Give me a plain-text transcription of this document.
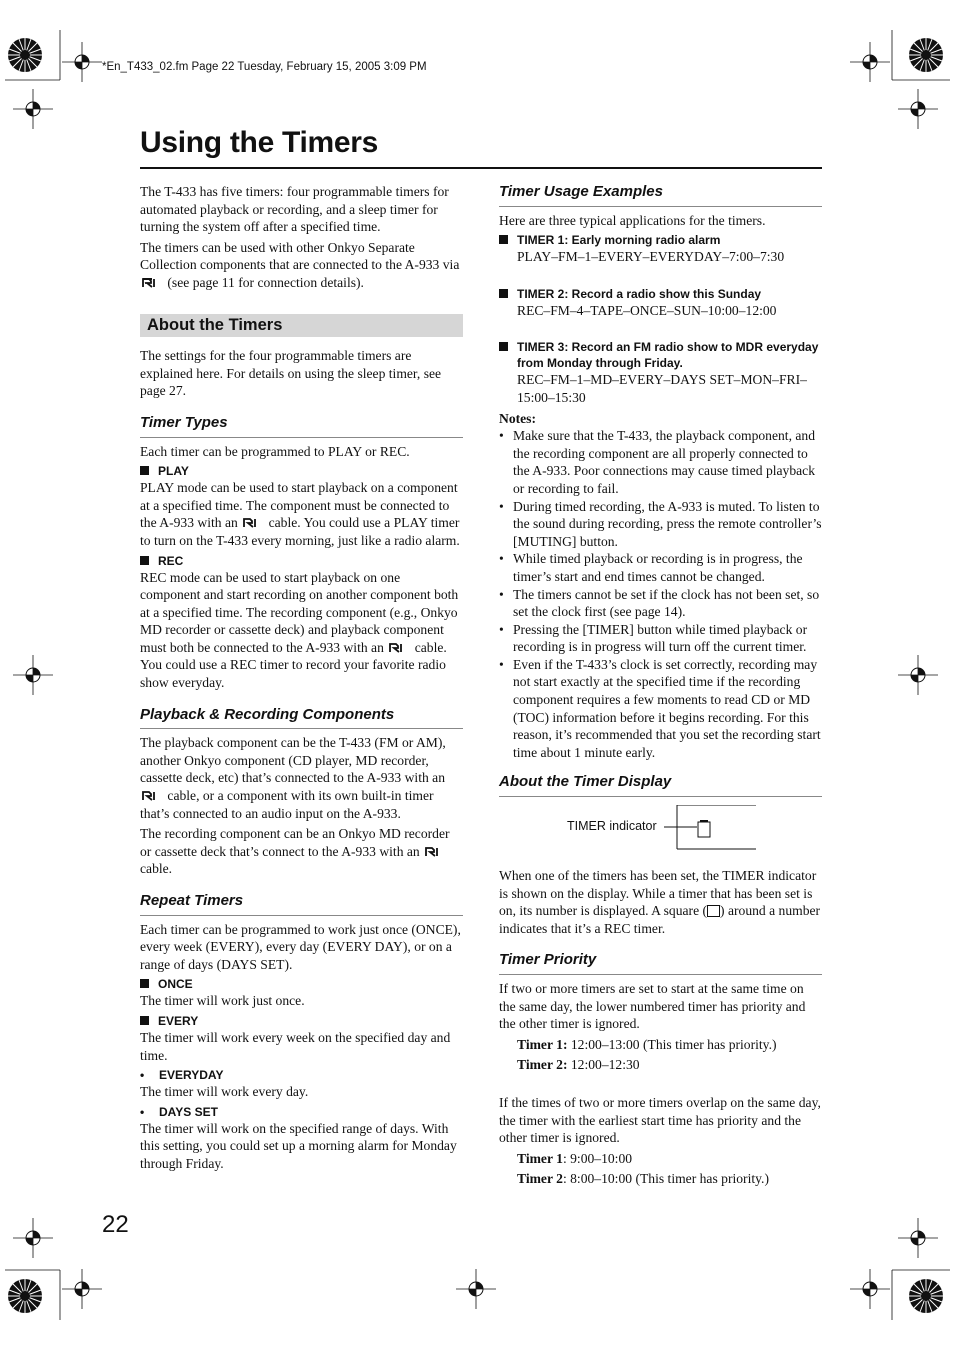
*En_T433_02.fm Page 22 Tuesday, February 15, 2005 3:09 PM
Using the Timers

The T-433 has five timers: four programmable timers for automated playback or recording, and a sleep timer for turning the system off after a specified time.

The timers can be used with other Onkyo Separate Collection components that are connected to the A-933 via  (see page 11 for connection details).

About the Timers

The settings for the four programmable timers are explained here. For details on using the sleep timer, see page 27.

Timer Types

Each timer can be programmed to PLAY or REC.

PLAY

PLAY mode can be used to start playback on a component at a specified time. The component must be connected to the A-933 with an cable. You could use a PLAY timer to turn on the T-433 every morning, just like a radio alarm.

REC

REC mode can be used to start playback on one component and start recording on another component both at a specified time. The recording component (e.g., Onkyo MD recorder or cassette deck) and playback component must both be connected to the A-933 with an cable. You could use a REC timer to record your favorite radio show everyday.

Playback & Recording Components

The playback component can be the T-433 (FM or AM), another Onkyo component (CD player, MD recorder, cassette deck, etc) that’s connected to the A-933 with an  cable, or a component with its own built-in timer that’s connected to an audio input on the A-933.

The recording component can be an Onkyo MD recorder or cassette deck that’s connect to the A-933 with an  cable.

Repeat Timers

Each timer can be programmed to work just once (ONCE), every week (EVERY), every day (EVERY DAY), or on a range of days (DAYS SET).

ONCE

The timer will work just once.

EVERY

The timer will work every week on the specified day and time.

• EVERYDAY

The timer will work every day.

• DAYS SET

The timer will work on the specified range of days. With this setting, you could set up a morning alarm for Monday through Friday.

Timer Usage Examples

Here are three typical applications for the timers.

TIMER 1: Early morning radio alarm

PLAY–FM–1–EVERY–EVERYDAY–7:00–7:30

TIMER 2: Record a radio show this Sunday

REC–FM–4–TAPE–ONCE–SUN–10:00–12:00

TIMER 3: Record an FM radio show to MDR everyday from Monday through Friday.

REC–FM–1–MD–EVERY–DAYS SET–MON–FRI–15:00–15:30

Notes:

• Make sure that the T-433, the playback component, and the recording component are all properly connected to the A-933. Poor connections may cause timed playback or recording to fail.
• During timed recording, the A-933 is muted. To listen to the sound during recording, press the remote controller’s [MUTING] button.
• While timed playback or recording is in progress, the timer’s start and end times cannot be changed.
• The timers cannot be set if the clock has not been set, so set the clock first (see page 14).
• Pressing the [TIMER] button while timed playback or recording is in progress will turn off the current timer.
• Even if the T-433’s clock is set correctly, recording may not start exactly at the specified time if the recording component requires a few moments to read CD or MD (TOC) information before it begins recording. For this reason, it’s recommended that you set the recording start time about 1 minute early.
About the Timer Display
TIMER indicator

When one of the timers has been set, the TIMER indicator is shown on the display. While a timer that has been set is on, its number is displayed. A square ( ) around a number indicates that it’s a REC timer.

Timer Priority

If two or more timers are set to start at the same time on the same day, the lower numbered timer has priority and the other timer is ignored.

Timer 1: 12:00–13:00 (This timer has priority.)

Timer 2: 12:00–12:30

If the times of two or more timers overlap on the same day, the timer with the earliest start time has priority and the other timer is ignored.

Timer 1: 9:00–10:00

Timer 2: 8:00–10:00 (This timer has priority.)

22
